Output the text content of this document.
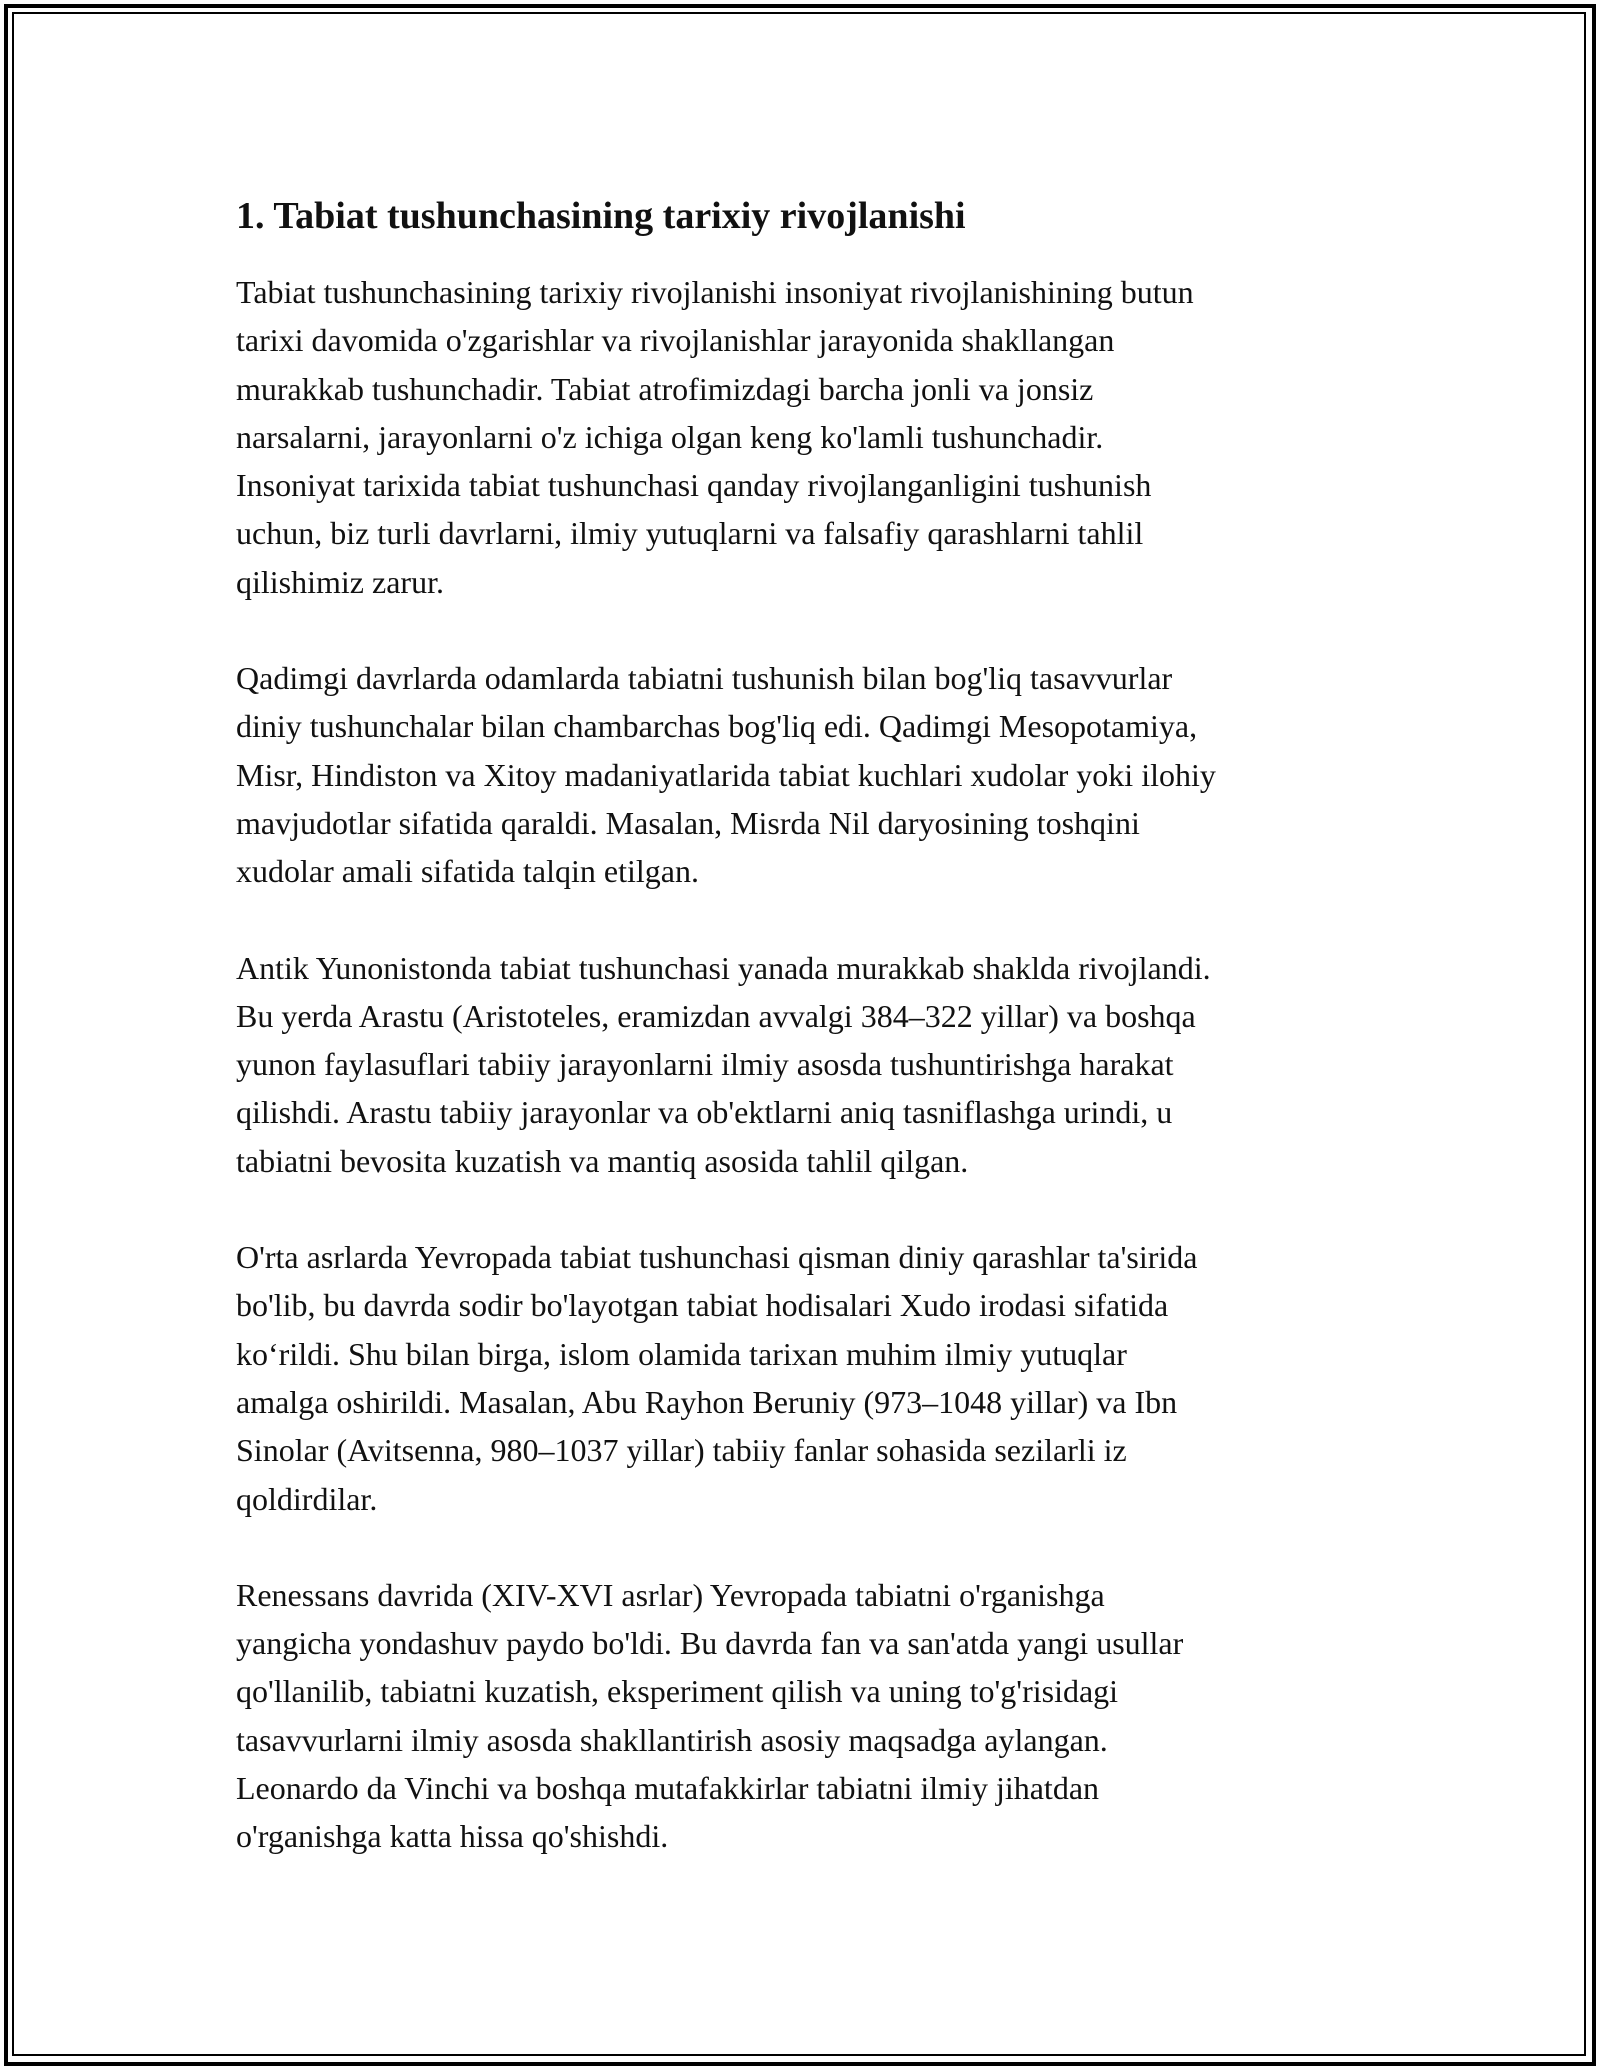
1. Tabiat tushunchasining tarixiy rivojlanishi

Tabiat tushunchasining tarixiy rivojlanishi insoniyat rivojlanishining butun
tarixi davomida o'zgarishlar va rivojlanishlar jarayonida shakllangan
murakkab tushunchadir. Tabiat atrofimizdagi barcha jonli va jonsiz
narsalarni, jarayonlarni o'z ichiga olgan keng ko'lamli tushunchadir.
Insoniyat tarixida tabiat tushunchasi qanday rivojlanganligini tushunish
uchun, biz turli davrlarni, ilmiy yutuqlarni va falsafiy qarashlarni tahlil
qilishimiz zarur.

Qadimgi davrlarda odamlarda tabiatni tushunish bilan bog'liq tasavvurlar
diniy tushunchalar bilan chambarchas bog'liq edi. Qadimgi Mesopotamiya,
Misr, Hindiston va Xitoy madaniyatlarida tabiat kuchlari xudolar yoki ilohiy
mavjudotlar sifatida qaraldi. Masalan, Misrda Nil daryosining toshqini
xudolar amali sifatida talqin etilgan.

Antik Yunonistonda tabiat tushunchasi yanada murakkab shaklda rivojlandi.
Bu yerda Arastu (Aristoteles, eramizdan avvalgi 384–322 yillar) va boshqa
yunon faylasuflari tabiiy jarayonlarni ilmiy asosda tushuntirishga harakat
qilishdi. Arastu tabiiy jarayonlar va ob'ektlarni aniq tasniflashga urindi, u
tabiatni bevosita kuzatish va mantiq asosida tahlil qilgan.

O'rta asrlarda Yevropada tabiat tushunchasi qisman diniy qarashlar ta'sirida
bo'lib, bu davrda sodir bo'layotgan tabiat hodisalari Xudo irodasi sifatida
ko‘rildi. Shu bilan birga, islom olamida tarixan muhim ilmiy yutuqlar
amalga oshirildi. Masalan, Abu Rayhon Beruniy (973–1048 yillar) va Ibn
Sinolar (Avitsenna, 980–1037 yillar) tabiiy fanlar sohasida sezilarli iz
qoldirdilar.

Renessans davrida (XIV-XVI asrlar) Yevropada tabiatni o'rganishga
yangicha yondashuv paydo bo'ldi. Bu davrda fan va san'atda yangi usullar
qo'llanilib, tabiatni kuzatish, eksperiment qilish va uning to'g'risidagi
tasavvurlarni ilmiy asosda shakllantirish asosiy maqsadga aylangan.
Leonardo da Vinchi va boshqa mutafakkirlar tabiatni ilmiy jihatdan
o'rganishga katta hissa qo'shishdi.
